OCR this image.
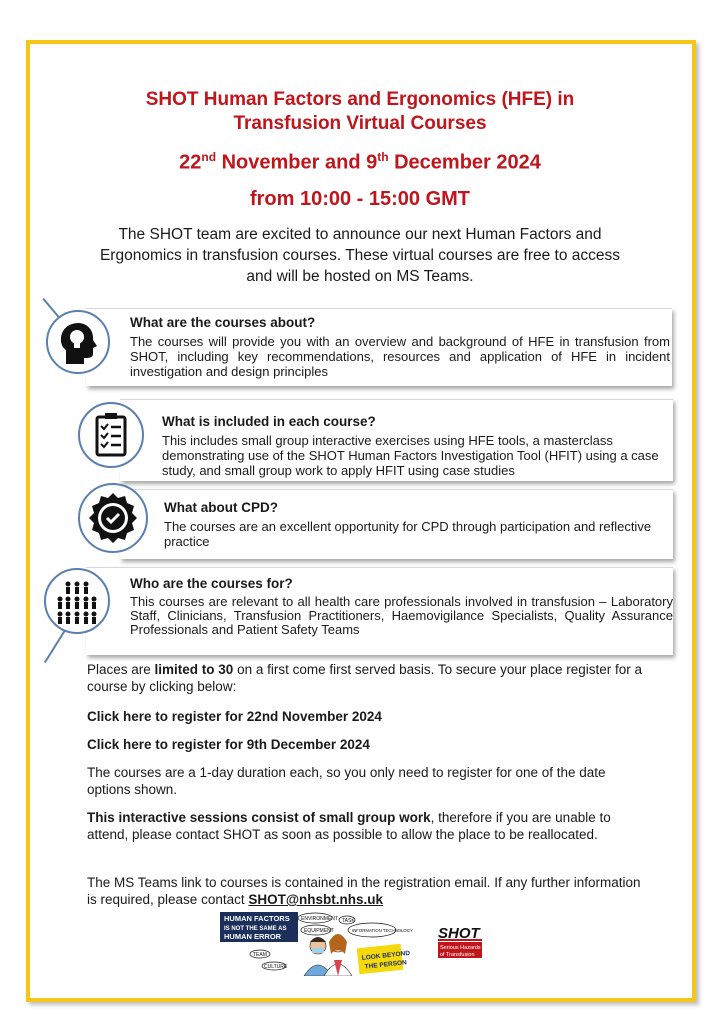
SHOT Human Factors and Ergonomics (HFE) in
Transfusion Virtual Courses
22nd November and 9th December 2024
from 10:00 - 15:00 GMT
The SHOT team are excited to announce our next Human Factors and Ergonomics in transfusion courses. These virtual courses are free to access and will be hosted on MS Teams.
What are the courses about?
The courses will provide you with an overview and background of HFE in transfusion from SHOT, including key recommendations, resources and application of HFE in incident investigation and design principles
What is included in each course?
This includes small group interactive exercises using HFE tools, a masterclass demonstrating use of the SHOT Human Factors Investigation Tool (HFIT) using a case study, and small group work to apply HFIT using case studies
What about CPD?
The courses are an excellent opportunity for CPD through participation and reflective practice
Who are the courses for?
This courses are relevant to all health care professionals involved in transfusion – Laboratory Staff, Clinicians, Transfusion Practitioners, Haemovigilance Specialists, Quality Assurance Professionals and Patient Safety Teams
Places are limited to 30 on a first come first served basis. To secure your place register for a course by clicking below:
Click here to register for 22nd November 2024
Click here to register for 9th December 2024
The courses are a 1-day duration each, so you only need to register for one of the date options shown.
This interactive sessions consist of small group work, therefore if you are unable to attend, please contact SHOT as soon as possible to allow the place to be reallocated.
The MS Teams link to courses is contained in the registration email. If any further information is required, please contact SHOT@nhsbt.nhs.uk
HUMAN FACTORS
IS NOT THE SAME AS
HUMAN ERROR
ENVIRONMENT
EQUIPMENT
TASK
INFORMATION TECHNOLOGY
TEAM
CULTURE
LOOK BEYOND
THE PERSON
SHOT
Serious Hazards
of Transfusion
